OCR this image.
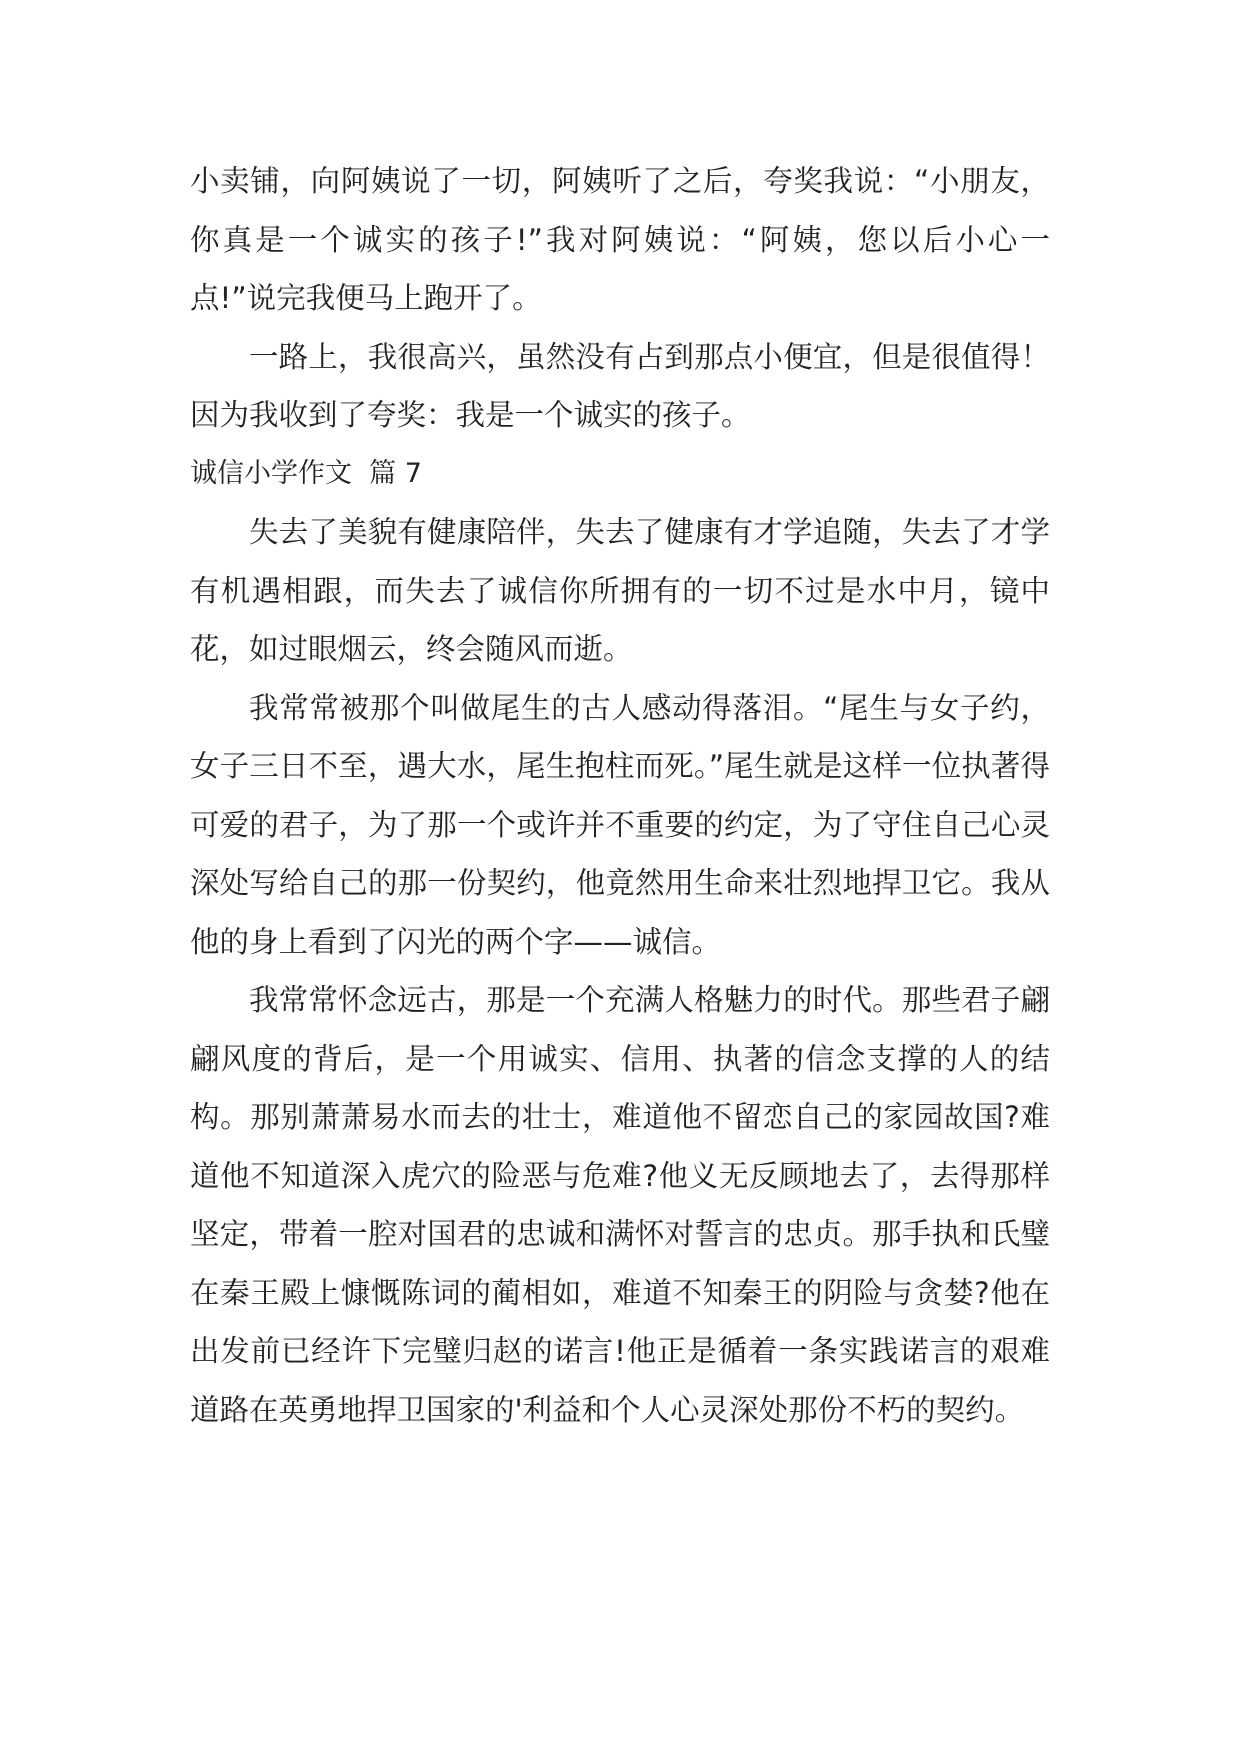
小卖铺，向阿姨说了一切，阿姨听了之后，夸奖我说：“小朋友，你真是一个诚实的孩子!”我对阿姨说：“阿姨，您以后小心一点!”说完我便马上跑开了。

一路上，我很高兴，虽然没有占到那点小便宜，但是很值得！因为我收到了夸奖：我是一个诚实的孩子。

诚信小学作文  篇 7

失去了美貌有健康陪伴，失去了健康有才学追随，失去了才学有机遇相跟，而失去了诚信你所拥有的一切不过是水中月，镜中花，如过眼烟云，终会随风而逝。

我常常被那个叫做尾生的古人感动得落泪。“尾生与女子约，女子三日不至，遇大水，尾生抱柱而死。”尾生就是这样一位执著得可爱的君子，为了那一个或许并不重要的约定，为了守住自己心灵深处写给自己的那一份契约，他竟然用生命来壮烈地捍卫它。我从他的身上看到了闪光的两个字——诚信。

我常常怀念远古，那是一个充满人格魅力的时代。那些君子翩翩风度的背后，是一个用诚实、信用、执著的信念支撑的人的结构。那别萧萧易水而去的壮士，难道他不留恋自己的家园故国?难道他不知道深入虎穴的险恶与危难?他义无反顾地去了，去得那样坚定，带着一腔对国君的忠诚和满怀对誓言的忠贞。那手执和氏璧在秦王殿上慷慨陈词的蔺相如，难道不知秦王的阴险与贪婪?他在出发前已经许下完璧归赵的诺言!他正是循着一条实践诺言的艰难道路在英勇地捍卫国家的'利益和个人心灵深处那份不朽的契约。
